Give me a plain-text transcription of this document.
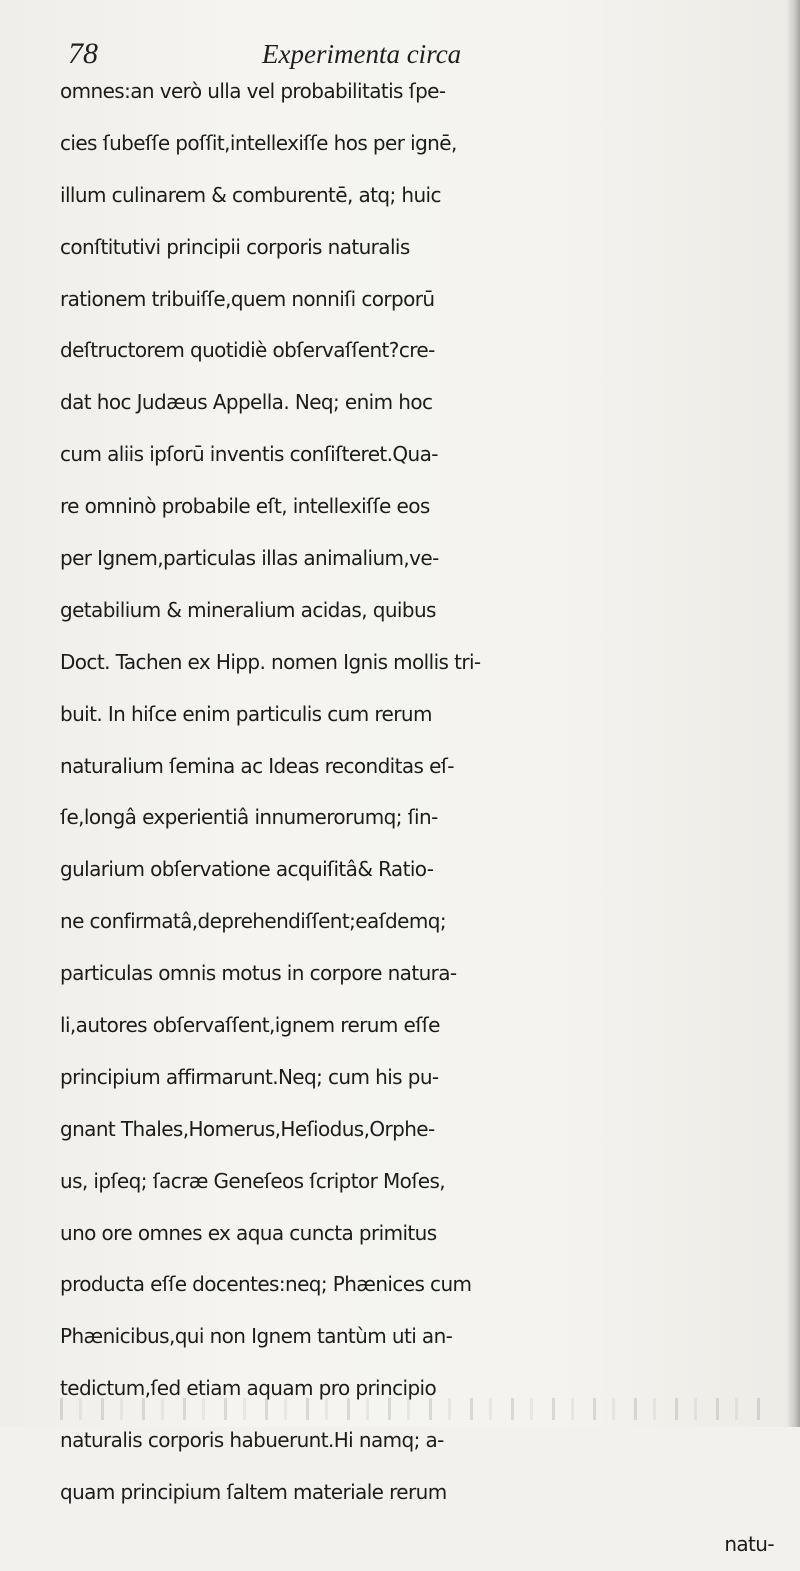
78	Experimenta circa
omnes:an verò ulla vel probabilitatis ſpe-
cies ſubeſſe poſſit,intellexiſſe hos per ignē,
illum culinarem & comburentē, atq; huic
conſtitutivi principii corporis naturalis
rationem tribuiſſe,quem nonniſi corporū
deſtructorem quotidiè obſervaſſent?cre-
dat hoc Judæus Appella. Neq; enim hoc
cum aliis ipſorū inventis conſiſteret.Qua-
re omninò probabile eſt, intellexiſſe eos
per Ignem,particulas illas animalium,ve-
getabilium & mineralium acidas, quibus
Doct. Tachen ex Hipp. nomen Ignis mollis tri-
buit. In hiſce enim particulis cum rerum
naturalium ſemina ac Ideas reconditas eſ-
ſe,longâ experientiâ innumerorumq; ſin-
gularium obſervatione acquiſitâ& Ratio-
ne confirmatâ,deprehendiſſent;eaſdemq;
particulas omnis motus in corpore natura-
li,autores obſervaſſent,ignem rerum eſſe
principium affirmarunt.Neq; cum his pu-
gnant Thales,Homerus,Heſiodus,Orphe-
us, ipſeq; ſacræ Geneſeos ſcriptor Moſes,
uno ore omnes ex aqua cuncta primitus
producta eſſe docentes:neq; Phænices cum
Phænicibus,qui non Ignem tantùm uti an-
tedictum,ſed etiam aquam pro principio
naturalis corporis habuerunt.Hi namq; a-
quam principium ſaltem materiale rerum
natu-
